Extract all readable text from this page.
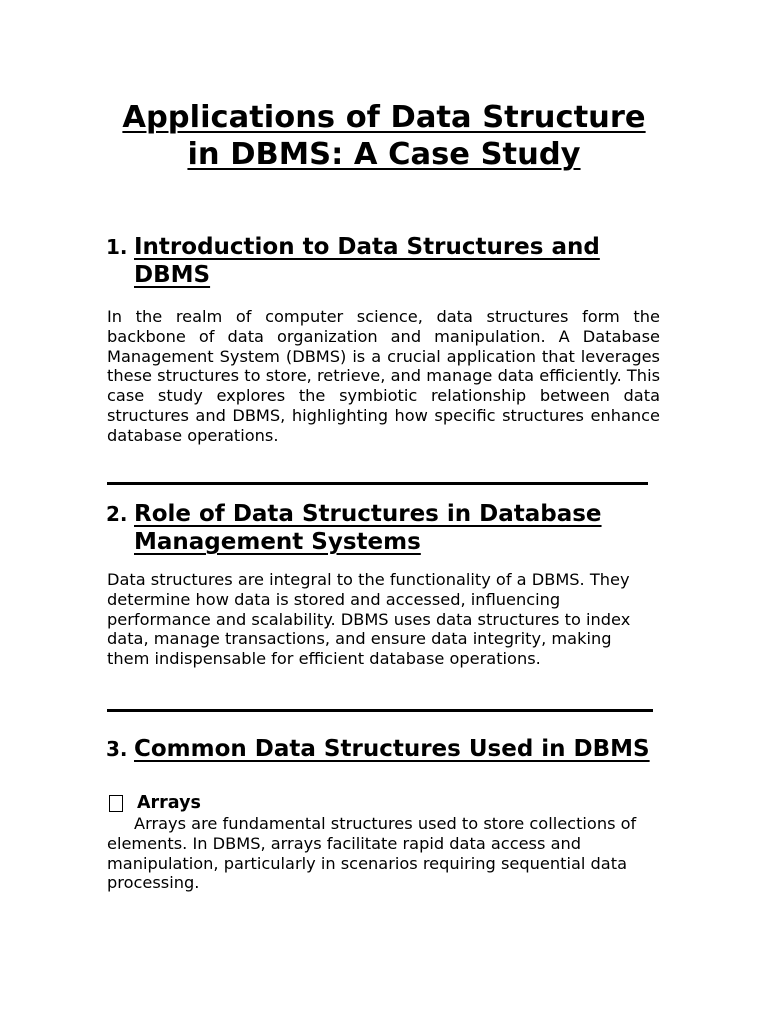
Applications of Data Structure in DBMS: A Case Study
1. Introduction to Data Structures and DBMS

In the realm of computer science, data structures form the backbone of data organization and manipulation. A Database Management System (DBMS) is a crucial application that leverages these structures to store, retrieve, and manage data efficiently. This case study explores the symbiotic relationship between data structures and DBMS, highlighting how specific structures enhance database operations.

2. Role of Data Structures in Database Management Systems

Data structures are integral to the functionality of a DBMS. They determine how data is stored and accessed, influencing performance and scalability. DBMS uses data structures to index data, manage transactions, and ensure data integrity, making them indispensable for efficient database operations.

3. Common Data Structures Used in DBMS
Arrays

Arrays are fundamental structures used to store collections of elements. In DBMS, arrays facilitate rapid data access and manipulation, particularly in scenarios requiring sequential data processing.
